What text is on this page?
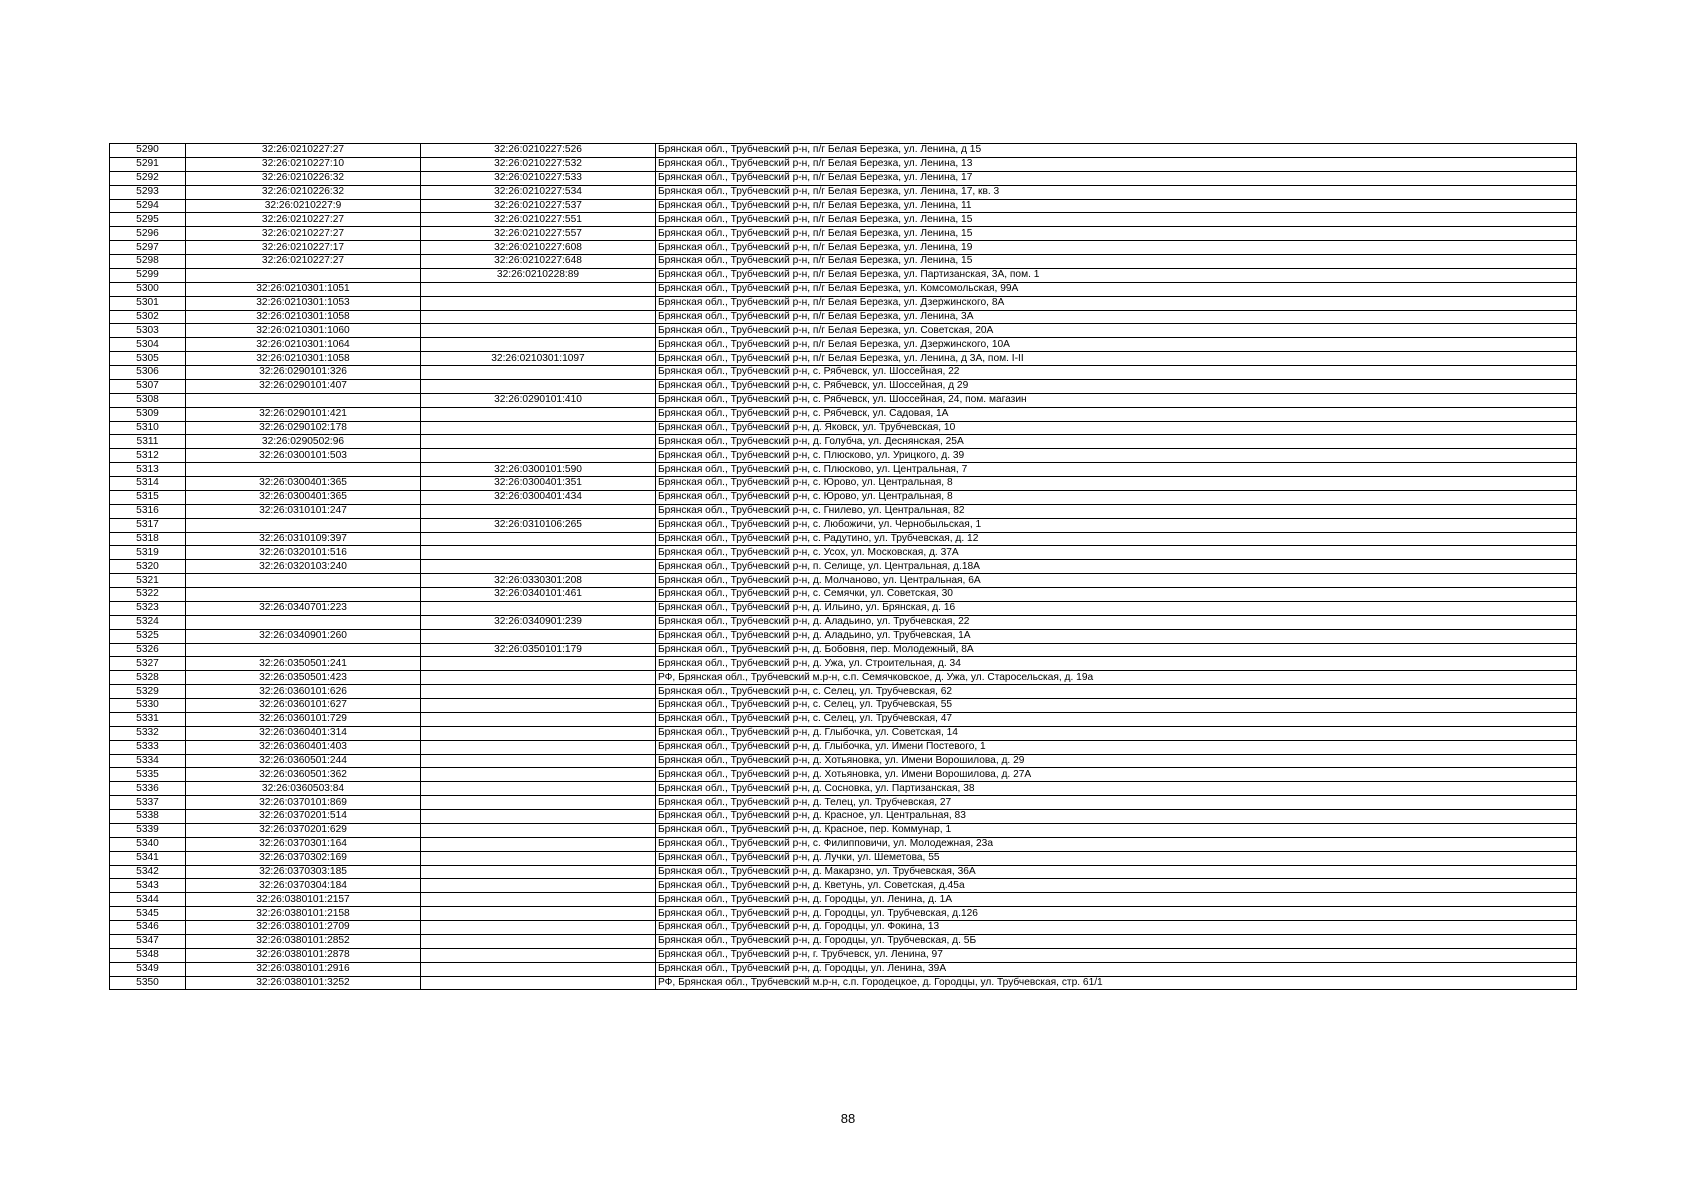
5290	32:26:0210227:27	32:26:0210227:526	Брянская обл., Трубчевский р-н, п/г Белая Березка, ул. Ленина, д 15
5291	32:26:0210227:10	32:26:0210227:532	Брянская обл., Трубчевский р-н, п/г Белая Березка, ул. Ленина, 13
5292	32:26:0210226:32	32:26:0210227:533	Брянская обл., Трубчевский р-н, п/г Белая Березка, ул. Ленина, 17
5293	32:26:0210226:32	32:26:0210227:534	Брянская обл., Трубчевский р-н, п/г Белая Березка, ул. Ленина, 17, кв. 3
5294	32:26:0210227:9	32:26:0210227:537	Брянская обл., Трубчевский р-н, п/г Белая Березка, ул. Ленина, 11
5295	32:26:0210227:27	32:26:0210227:551	Брянская обл., Трубчевский р-н, п/г Белая Березка, ул. Ленина, 15
5296	32:26:0210227:27	32:26:0210227:557	Брянская обл., Трубчевский р-н, п/г Белая Березка, ул. Ленина, 15
5297	32:26:0210227:17	32:26:0210227:608	Брянская обл., Трубчевский р-н, п/г Белая Березка, ул. Ленина, 19
5298	32:26:0210227:27	32:26:0210227:648	Брянская обл., Трубчевский р-н, п/г Белая Березка, ул. Ленина, 15
5299		32:26:0210228:89	Брянская обл., Трубчевский р-н, п/г Белая Березка, ул. Партизанская, 3А, пом. 1
5300	32:26:0210301:1051		Брянская обл., Трубчевский р-н, п/г Белая Березка, ул. Комсомольская, 99А
5301	32:26:0210301:1053		Брянская обл., Трубчевский р-н, п/г Белая Березка, ул. Дзержинского, 8А
5302	32:26:0210301:1058		Брянская обл., Трубчевский р-н, п/г Белая Березка, ул. Ленина, 3А
5303	32:26:0210301:1060		Брянская обл., Трубчевский р-н, п/г Белая Березка, ул. Советская, 20А
5304	32:26:0210301:1064		Брянская обл., Трубчевский р-н, п/г Белая Березка, ул. Дзержинского, 10А
5305	32:26:0210301:1058	32:26:0210301:1097	Брянская обл., Трубчевский р-н, п/г Белая Березка, ул. Ленина, д 3А, пом. I-II
5306	32:26:0290101:326		Брянская обл., Трубчевский р-н, с. Рябчевск, ул. Шоссейная, 22
5307	32:26:0290101:407		Брянская обл., Трубчевский р-н, с. Рябчевск, ул. Шоссейная, д 29
5308		32:26:0290101:410	Брянская обл., Трубчевский р-н, с. Рябчевск, ул. Шоссейная, 24, пом. магазин
5309	32:26:0290101:421		Брянская обл., Трубчевский р-н, с. Рябчевск, ул. Садовая, 1А
5310	32:26:0290102:178		Брянская обл., Трубчевский р-н, д. Яковск, ул. Трубчевская, 10
5311	32:26:0290502:96		Брянская обл., Трубчевский р-н, д. Голубча, ул. Деснянская, 25А
5312	32:26:0300101:503		Брянская обл., Трубчевский р-н, с. Плюсково, ул. Урицкого, д. 39
5313		32:26:0300101:590	Брянская обл., Трубчевский р-н, с. Плюсково, ул. Центральная, 7
5314	32:26:0300401:365	32:26:0300401:351	Брянская обл., Трубчевский р-н, с. Юрово, ул. Центральная, 8
5315	32:26:0300401:365	32:26:0300401:434	Брянская обл., Трубчевский р-н, с. Юрово, ул. Центральная, 8
5316	32:26:0310101:247		Брянская обл., Трубчевский р-н, с. Гнилево, ул. Центральная, 82
5317		32:26:0310106:265	Брянская обл., Трубчевский р-н, с. Любожичи, ул. Чернобыльская, 1
5318	32:26:0310109:397		Брянская обл., Трубчевский р-н, с. Радутино, ул. Трубчевская, д. 12
5319	32:26:0320101:516		Брянская обл., Трубчевский р-н, с. Усох, ул. Московская, д. 37А
5320	32:26:0320103:240		Брянская обл., Трубчевский р-н, п. Селище, ул. Центральная, д.18А
5321		32:26:0330301:208	Брянская обл., Трубчевский р-н, д. Молчаново, ул. Центральная, 6А
5322		32:26:0340101:461	Брянская обл., Трубчевский р-н, с. Семячки, ул. Советская, 30
5323	32:26:0340701:223		Брянская обл., Трубчевский р-н, д. Ильино, ул. Брянская, д. 16
5324		32:26:0340901:239	Брянская обл., Трубчевский р-н, д. Аладьино, ул. Трубчевская, 22
5325	32:26:0340901:260		Брянская обл., Трубчевский р-н, д. Аладьино, ул. Трубчевская, 1А
5326		32:26:0350101:179	Брянская обл., Трубчевский р-н, д. Бобовня, пер. Молодежный, 8А
5327	32:26:0350501:241		Брянская обл., Трубчевский р-н, д. Ужа, ул. Строительная, д. 34
5328	32:26:0350501:423		РФ, Брянская обл., Трубчевский м.р-н, с.п. Семячковское, д. Ужа, ул. Старосельская, д. 19а
5329	32:26:0360101:626		Брянская обл., Трубчевский р-н, с. Селец, ул. Трубчевская, 62
5330	32:26:0360101:627		Брянская обл., Трубчевский р-н, с. Селец, ул. Трубчевская, 55
5331	32:26:0360101:729		Брянская обл., Трубчевский р-н, с. Селец, ул. Трубчевская, 47
5332	32:26:0360401:314		Брянская обл., Трубчевский р-н, д. Глыбочка, ул. Советская, 14
5333	32:26:0360401:403		Брянская обл., Трубчевский р-н, д. Глыбочка, ул. Имени Постевого, 1
5334	32:26:0360501:244		Брянская обл., Трубчевский р-н, д. Хотьяновка, ул. Имени Ворошилова, д. 29
5335	32:26:0360501:362		Брянская обл., Трубчевский р-н, д. Хотьяновка, ул. Имени Ворошилова, д. 27А
5336	32:26:0360503:84		Брянская обл., Трубчевский р-н, д. Сосновка, ул. Партизанская, 38
5337	32:26:0370101:869		Брянская обл., Трубчевский р-н, д. Телец, ул. Трубчевская, 27
5338	32:26:0370201:514		Брянская обл., Трубчевский р-н, д. Красное, ул. Центральная, 83
5339	32:26:0370201:629		Брянская обл., Трубчевский р-н, д. Красное, пер. Коммунар, 1
5340	32:26:0370301:164		Брянская обл., Трубчевский р-н, с. Филипповичи, ул. Молодежная, 23а
5341	32:26:0370302:169		Брянская обл., Трубчевский р-н, д. Лучки, ул. Шеметова, 55
5342	32:26:0370303:185		Брянская обл., Трубчевский р-н, д. Макарзно, ул. Трубчевская, 36А
5343	32:26:0370304:184		Брянская обл., Трубчевский р-н, д. Кветунь, ул. Советская, д.45а
5344	32:26:0380101:2157		Брянская обл., Трубчевский р-н, д. Городцы, ул. Ленина, д. 1А
5345	32:26:0380101:2158		Брянская обл., Трубчевский р-н, д. Городцы, ул. Трубчевская, д.126
5346	32:26:0380101:2709		Брянская обл., Трубчевский р-н, д. Городцы, ул. Фокина, 13
5347	32:26:0380101:2852		Брянская обл., Трубчевский р-н, д. Городцы, ул. Трубчевская, д. 5Б
5348	32:26:0380101:2878		Брянская обл., Трубчевский р-н, г. Трубчевск, ул. Ленина, 97
5349	32:26:0380101:2916		Брянская обл., Трубчевский р-н, д. Городцы, ул. Ленина, 39А
5350	32:26:0380101:3252		РФ, Брянская обл., Трубчевский м.р-н, с.п. Городецкое, д. Городцы, ул. Трубчевская, стр. 61/1
88
